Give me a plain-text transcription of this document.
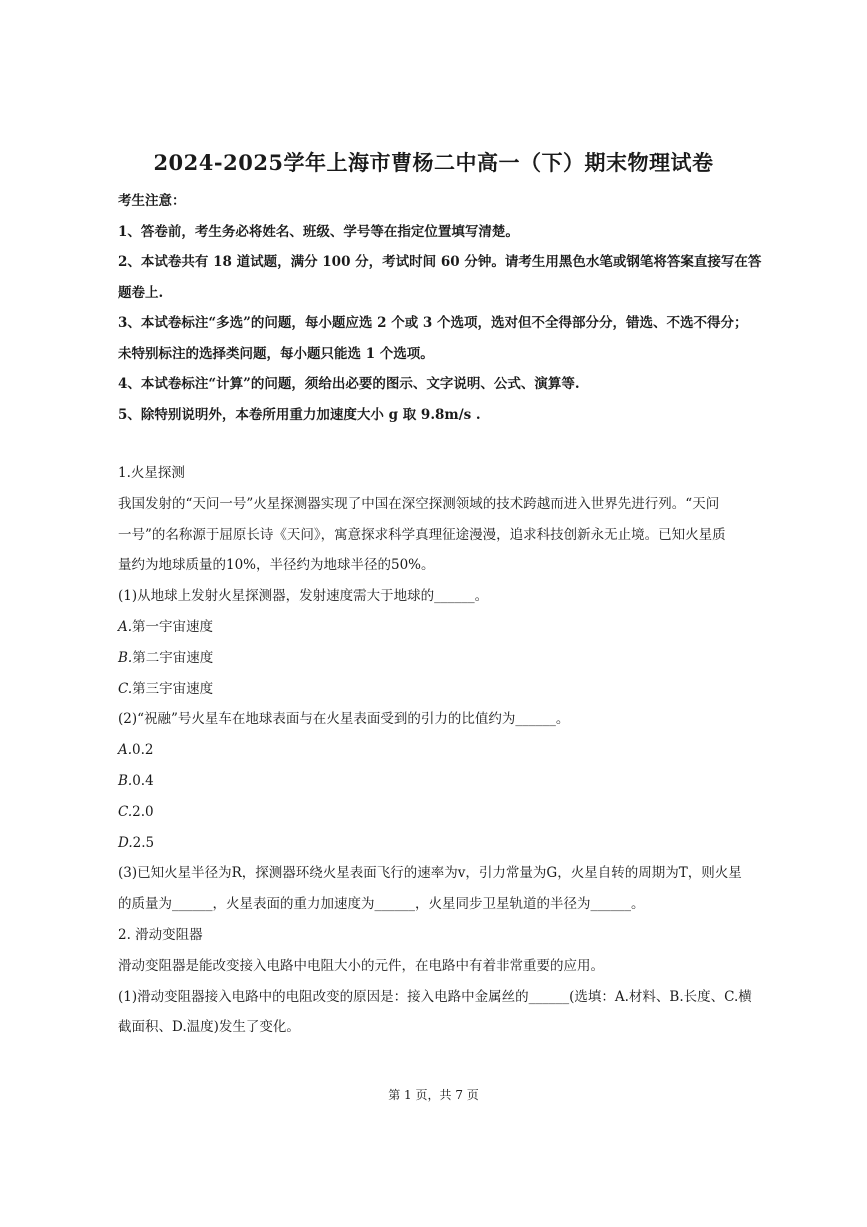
2024-2025学年上海市曹杨二中高一（下）期末物理试卷
考生注意：
1、答卷前，考生务必将姓名、班级、学号等在指定位置填写清楚。
2、本试卷共有 18 道试题，满分 100 分，考试时间 60 分钟。请考生用黑色水笔或钢笔将答案直接写在答
题卷上.
3、本试卷标注“多选”的问题，每小题应选 2 个或 3 个选项，选对但不全得部分分，错选、不选不得分；
未特别标注的选择类问题，每小题只能选 1 个选项。
4、本试卷标注“计算”的问题，须给出必要的图示、文字说明、公式、演算等.
5、除特别说明外，本卷所用重力加速度大小 g 取 9.8m/s .
1.火星探测
我国发射的“天问一号”火星探测器实现了中国在深空探测领域的技术跨越而进入世界先进行列。“天问
一号”的名称源于屈原长诗《天问》，寓意探求科学真理征途漫漫，追求科技创新永无止境。已知火星质
量约为地球质量的10%，半径约为地球半径的50%。
(1)从地球上发射火星探测器，发射速度需大于地球的______。
A.第一宇宙速度
B.第二宇宙速度
C.第三宇宙速度
(2)“祝融”号火星车在地球表面与在火星表面受到的引力的比值约为______。
A.0.2
B.0.4
C.2.0
D.2.5
(3)已知火星半径为R，探测器环绕火星表面飞行的速率为v，引力常量为G，火星自转的周期为T，则火星
的质量为______，火星表面的重力加速度为______，火星同步卫星轨道的半径为______。
2. 滑动变阻器
滑动变阻器是能改变接入电路中电阻大小的元件，在电路中有着非常重要的应用。
(1)滑动变阻器接入电路中的电阻改变的原因是：接入电路中金属丝的______(选填：A.材料、B.长度、C.横
截面积、D.温度)发生了变化。
第 1 页，共 7 页
